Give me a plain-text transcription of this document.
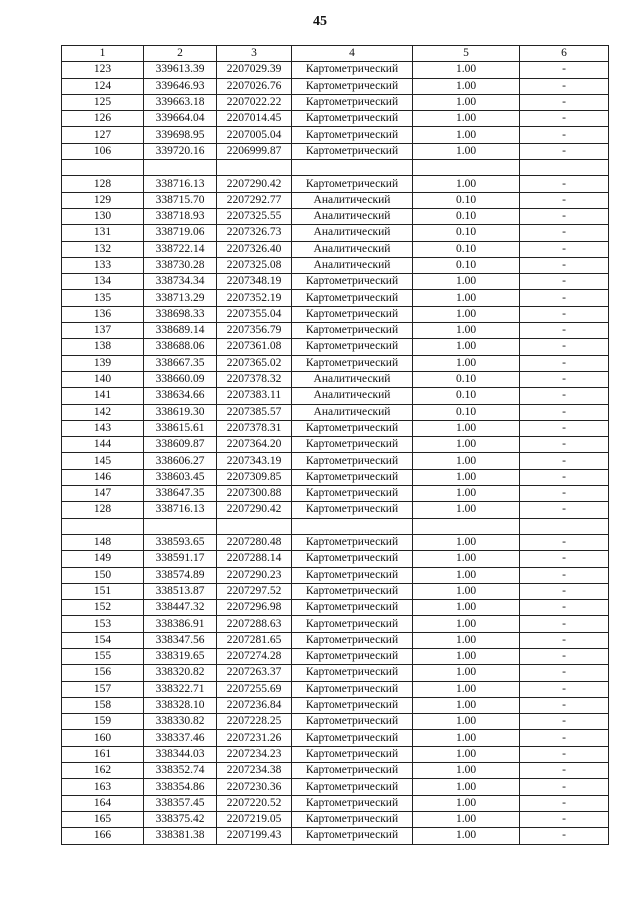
45
1	2	3	4	5	6
123	339613.39	2207029.39	Картометрический	1.00	-
124	339646.93	2207026.76	Картометрический	1.00	-
125	339663.18	2207022.22	Картометрический	1.00	-
126	339664.04	2207014.45	Картометрический	1.00	-
127	339698.95	2207005.04	Картометрический	1.00	-
106	339720.16	2206999.87	Картометрический	1.00	-

128	338716.13	2207290.42	Картометрический	1.00	-
129	338715.70	2207292.77	Аналитический	0.10	-
130	338718.93	2207325.55	Аналитический	0.10	-
131	338719.06	2207326.73	Аналитический	0.10	-
132	338722.14	2207326.40	Аналитический	0.10	-
133	338730.28	2207325.08	Аналитический	0.10	-
134	338734.34	2207348.19	Картометрический	1.00	-
135	338713.29	2207352.19	Картометрический	1.00	-
136	338698.33	2207355.04	Картометрический	1.00	-
137	338689.14	2207356.79	Картометрический	1.00	-
138	338688.06	2207361.08	Картометрический	1.00	-
139	338667.35	2207365.02	Картометрический	1.00	-
140	338660.09	2207378.32	Аналитический	0.10	-
141	338634.66	2207383.11	Аналитический	0.10	-
142	338619.30	2207385.57	Аналитический	0.10	-
143	338615.61	2207378.31	Картометрический	1.00	-
144	338609.87	2207364.20	Картометрический	1.00	-
145	338606.27	2207343.19	Картометрический	1.00	-
146	338603.45	2207309.85	Картометрический	1.00	-
147	338647.35	2207300.88	Картометрический	1.00	-
128	338716.13	2207290.42	Картометрический	1.00	-

148	338593.65	2207280.48	Картометрический	1.00	-
149	338591.17	2207288.14	Картометрический	1.00	-
150	338574.89	2207290.23	Картометрический	1.00	-
151	338513.87	2207297.52	Картометрический	1.00	-
152	338447.32	2207296.98	Картометрический	1.00	-
153	338386.91	2207288.63	Картометрический	1.00	-
154	338347.56	2207281.65	Картометрический	1.00	-
155	338319.65	2207274.28	Картометрический	1.00	-
156	338320.82	2207263.37	Картометрический	1.00	-
157	338322.71	2207255.69	Картометрический	1.00	-
158	338328.10	2207236.84	Картометрический	1.00	-
159	338330.82	2207228.25	Картометрический	1.00	-
160	338337.46	2207231.26	Картометрический	1.00	-
161	338344.03	2207234.23	Картометрический	1.00	-
162	338352.74	2207234.38	Картометрический	1.00	-
163	338354.86	2207230.36	Картометрический	1.00	-
164	338357.45	2207220.52	Картометрический	1.00	-
165	338375.42	2207219.05	Картометрический	1.00	-
166	338381.38	2207199.43	Картометрический	1.00	-
